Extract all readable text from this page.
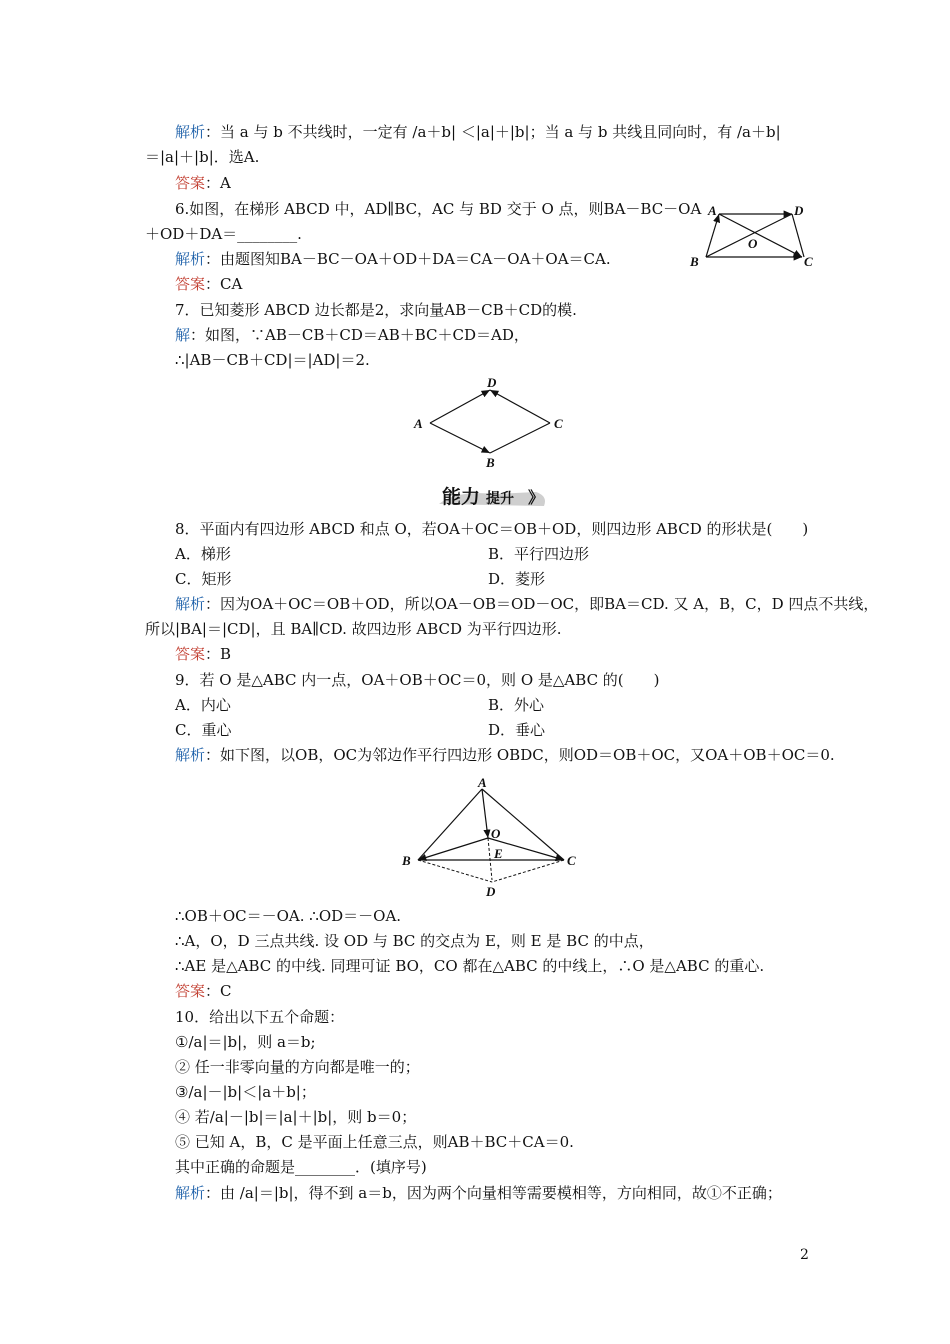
解析：当 a 与 b 不共线时，一定有 /a＋b| ＜|a|＋|b|；当 a 与 b 共线且同向时，有 /a＋b|
＝|a|＋|b|．选A.
答案：A
6.如图，在梯形 ABCD 中，AD∥BC，AC 与 BD 交于 O 点，则BA－BC－OA
＋OD＋DA＝________.
解析：由题图知BA－BC－OA＋OD＋DA＝CA－OA＋OA＝CA.
答案：CA
A	D
O
B	C
7．已知菱形 ABCD 边长都是2，求向量AB－CB＋CD的模.
解：如图，∵AB－CB＋CD＝AB＋BC＋CD＝AD，
∴|AB－CB＋CD|＝|AD|＝2.
D
A	C
B
能力 提升 》
8．平面内有四边形 ABCD 和点 O，若OA＋OC＝OB＋OD，则四边形 ABCD 的形状是(　　)
A．梯形	B．平行四边形
C．矩形	D．菱形
解析：因为OA＋OC＝OB＋OD，所以OA－OB＝OD－OC，即BA＝CD. 又 A，B，C，D 四点不共线，
所以|BA|＝|CD|，且 BA∥CD. 故四边形 ABCD 为平行四边形.
答案：B
9．若 O 是△ABC 内一点，OA＋OB＋OC＝0，则 O 是△ABC 的(　　)
A．内心	B．外心
C．重心	D．垂心
解析：如下图，以OB，OC为邻边作平行四边形 OBDC，则OD＝OB＋OC，又OA＋OB＋OC＝0.
A
O
E
B	C
D
∴OB＋OC＝－OA. ∴OD＝－OA.
∴A，O，D 三点共线. 设 OD 与 BC 的交点为 E，则 E 是 BC 的中点，
∴AE 是△ABC 的中线. 同理可证 BO，CO 都在△ABC 的中线上，∴O 是△ABC 的重心.
答案：C
10．给出以下五个命题：
①/a|＝|b|，则 a＝b;
② 任一非零向量的方向都是唯一的；
③/a|－|b|＜|a＋b|；
④ 若/a|－|b|＝|a|＋|b|，则 b＝0；
⑤ 已知 A，B，C 是平面上任意三点，则AB＋BC＋CA＝0.
其中正确的命题是________．(填序号)
解析：由 /a|＝|b|，得不到 a＝b，因为两个向量相等需要模相等，方向相同，故①不正确；
2
